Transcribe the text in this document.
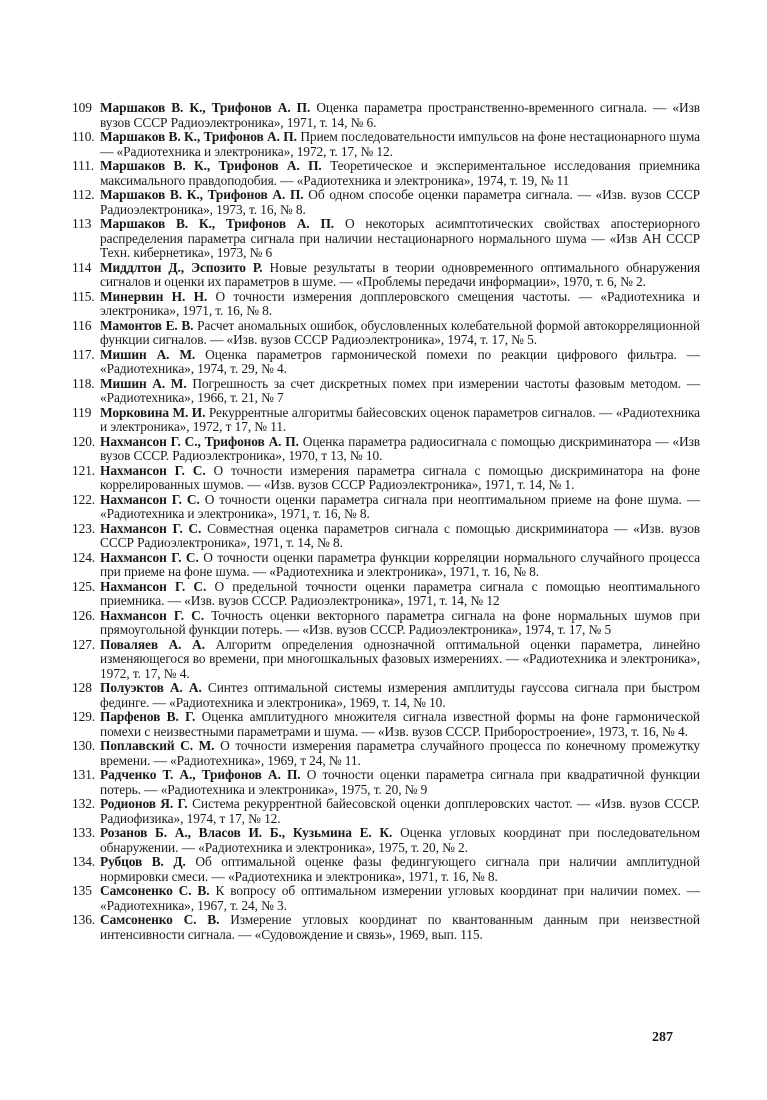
109 Маршаков В. К., Трифонов А. П. Оценка параметра пространственно-временного сигнала. — «Изв вузов СССР Радиоэлектроника», 1971, т. 14, № 6.
110. Маршаков В. К., Трифонов А. П. Прием последовательности импульсов на фоне нестационарного шума — «Радиотехника и электроника», 1972, т. 17, № 12.
111. Маршаков В. К., Трифонов А. П. Теоретическое и экспериментальное исследования приемника максимального правдоподобия. — «Радиотехника и электроника», 1974, т. 19, № 11
112. Маршаков В. К., Трифонов А. П. Об одном способе оценки параметра сигнала. — «Изв. вузов СССР Радиоэлектроника», 1973, т. 16, № 8.
113 Маршаков В. К., Трифонов А. П. О некоторых асимптотических свойствах апостериорного распределения параметра сигнала при наличии нестационарного нормального шума — «Изв АН СССР Техн. кибернетика», 1973, № 6
114 Миддлтон Д., Эспозито Р. Новые результаты в теории одновременного оптимального обнаружения сигналов и оценки их параметров в шуме. — «Проблемы передачи информации», 1970, т. 6, № 2.
115. Минервин Н. Н. О точности измерения допплеровского смещения частоты. — «Радиотехника и электроника», 1971, т. 16, № 8.
116 Мамонтов Е. В. Расчет аномальных ошибок, обусловленных колебательной формой автокорреляционной функции сигналов. — «Изв. вузов СССР Радиоэлектроника», 1974, т. 17, № 5.
117. Мишин А. М. Оценка параметров гармонической помехи по реакции цифрового фильтра. — «Радиотехника», 1974, т. 29, № 4.
118. Мишин А. М. Погрешность за счет дискретных помех при измерении частоты фазовым методом. — «Радиотехника», 1966, т. 21, № 7
119 Морковина М. И. Рекуррентные алгоритмы байесовских оценок параметров сигналов. — «Радиотехника и электроника», 1972, т 17, № 11.
120. Нахмансон Г. С., Трифонов А. П. Оценка параметра радиосигнала с помощью дискриминатора — «Изв вузов СССР. Радиоэлектроника», 1970, т 13, № 10.
121. Нахмансон Г. С. О точности измерения параметра сигнала с помощью дискриминатора на фоне коррелированных шумов. — «Изв. вузов СССР Радиоэлектроника», 1971, т. 14, № 1.
122. Нахмансон Г. С. О точности оценки параметра сигнала при неоптимальном приеме на фоне шума. — «Радиотехника и электроника», 1971, т. 16, № 8.
123. Нахмансон Г. С. Совместная оценка параметров сигнала с помощью дискриминатора — «Изв. вузов СССР Радиоэлектроника», 1971, т. 14, № 8.
124. Нахмансон Г. С. О точности оценки параметра функции корреляции нормального случайного процесса при приеме на фоне шума. — «Радиотехника и электроника», 1971, т. 16, № 8.
125. Нахмансон Г. С. О предельной точности оценки параметра сигнала с помощью неоптимального приемника. — «Изв. вузов СССР. Радиоэлектроника», 1971, т. 14, № 12
126. Нахмансон Г. С. Точность оценки векторного параметра сигнала на фоне нормальных шумов при прямоугольной функции потерь. — «Изв. вузов СССР. Радиоэлектроника», 1974, т. 17, № 5
127. Поваляев А. А. Алгоритм определения однозначной оптимальной оценки параметра, линейно изменяющегося во времени, при многошкальных фазовых измерениях. — «Радиотехника и электроника», 1972, т. 17, № 4.
128 Полуэктов А. А. Синтез оптимальной системы измерения амплитуды гауссова сигнала при быстром фединге. — «Радиотехника и электроника», 1969, т. 14, № 10.
129. Парфенов В. Г. Оценка амплитудного множителя сигнала известной формы на фоне гармонической помехи с неизвестными параметрами и шума. — «Изв. вузов СССР. Приборостроение», 1973, т. 16, № 4.
130. Поплавский С. М. О точности измерения параметра случайного процесса по конечному промежутку времени. — «Радиотехника», 1969, т 24, № 11.
131. Радченко Т. А., Трифонов А. П. О точности оценки параметра сигнала при квадратичной функции потерь. — «Радиотехника и электроника», 1975, т. 20, № 9
132. Родионов Я. Г. Система рекуррентной байесовской оценки допплеровских частот. — «Изв. вузов СССР. Радиофизика», 1974, т 17, № 12.
133. Розанов Б. А., Власов И. Б., Кузьмина Е. К. Оценка угловых координат при последовательном обнаружении. — «Радиотехника и электроника», 1975, т. 20, № 2.
134. Рубцов В. Д. Об оптимальной оценке фазы федингующего сигнала при наличии амплитудной нормировки смеси. — «Радиотехника и электроника», 1971, т. 16, № 8.
135 Самсоненко С. В. К вопросу об оптимальном измерении угловых координат при наличии помех. — «Радиотехника», 1967, т. 24, № 3.
136. Самсоненко С. В. Измерение угловых координат по квантованным данным при неизвестной интенсивности сигнала. — «Судовождение и связь», 1969, вып. 115.
287
